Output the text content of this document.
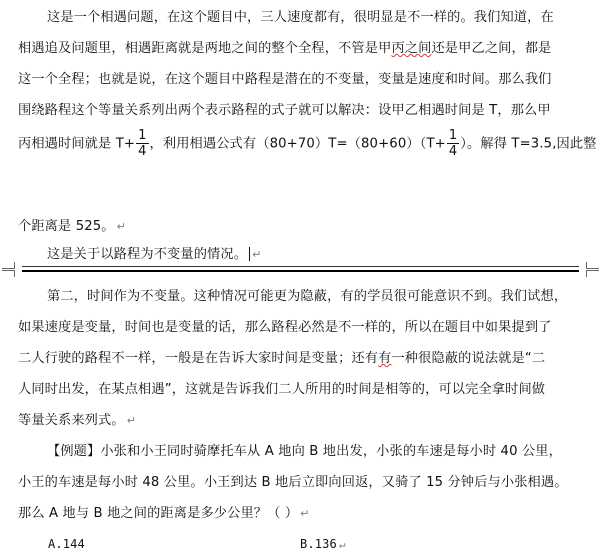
这是一个相遇问题，在这个题目中，三人速度都有，很明显是不一样的。我们知道，在
相遇追及问题里，相遇距离就是两地之间的整个全程，不管是甲丙之间还是甲乙之间，都是
这一个全程；也就是说，在这个题目中路程是潜在的不变量，变量是速度和时间。那么我们
围绕路程这个等量关系列出两个表示路程的式子就可以解决：设甲乙相遇时间是 T，那么甲
丙相遇时间就是 $T+ \frac{1}{4}$ ，利用相遇公式有$(80+70)T=(80+60)(T+ \frac{1}{4}$ ）。解得 T=3.5,因此整
个距离是 525。 ↵
这是关于以路程为不变量的情况。 ↵
第二，时间作为不变量。这种情况可能更为隐蔽，有的学员很可能意识不到。我们试想，
如果速度是变量，时间也是变量的话，那么路程必然是不一样的，所以在题目中如果提到了
二人行驶的路程不一样，一般是在告诉大家时间是变量；还有有一种很隐蔽的说法就是“二
人同时出发，在某点相遇”，这就是告诉我们二人所用的时间是相等的，可以完全拿时间做
等量关系来列式。 ↵
【例题】小张和小王同时骑摩托车从 A 地向 B 地出发，小张的车速是每小时 40 公里，
小王的车速是每小时 48 公里。小王到达 B 地后立即向回返，又骑了 15 分钟后与小张相遇。
那么 A 地与 B 地之间的距离是多少公里？（ ） ↵
A.144	B.136 ↵
